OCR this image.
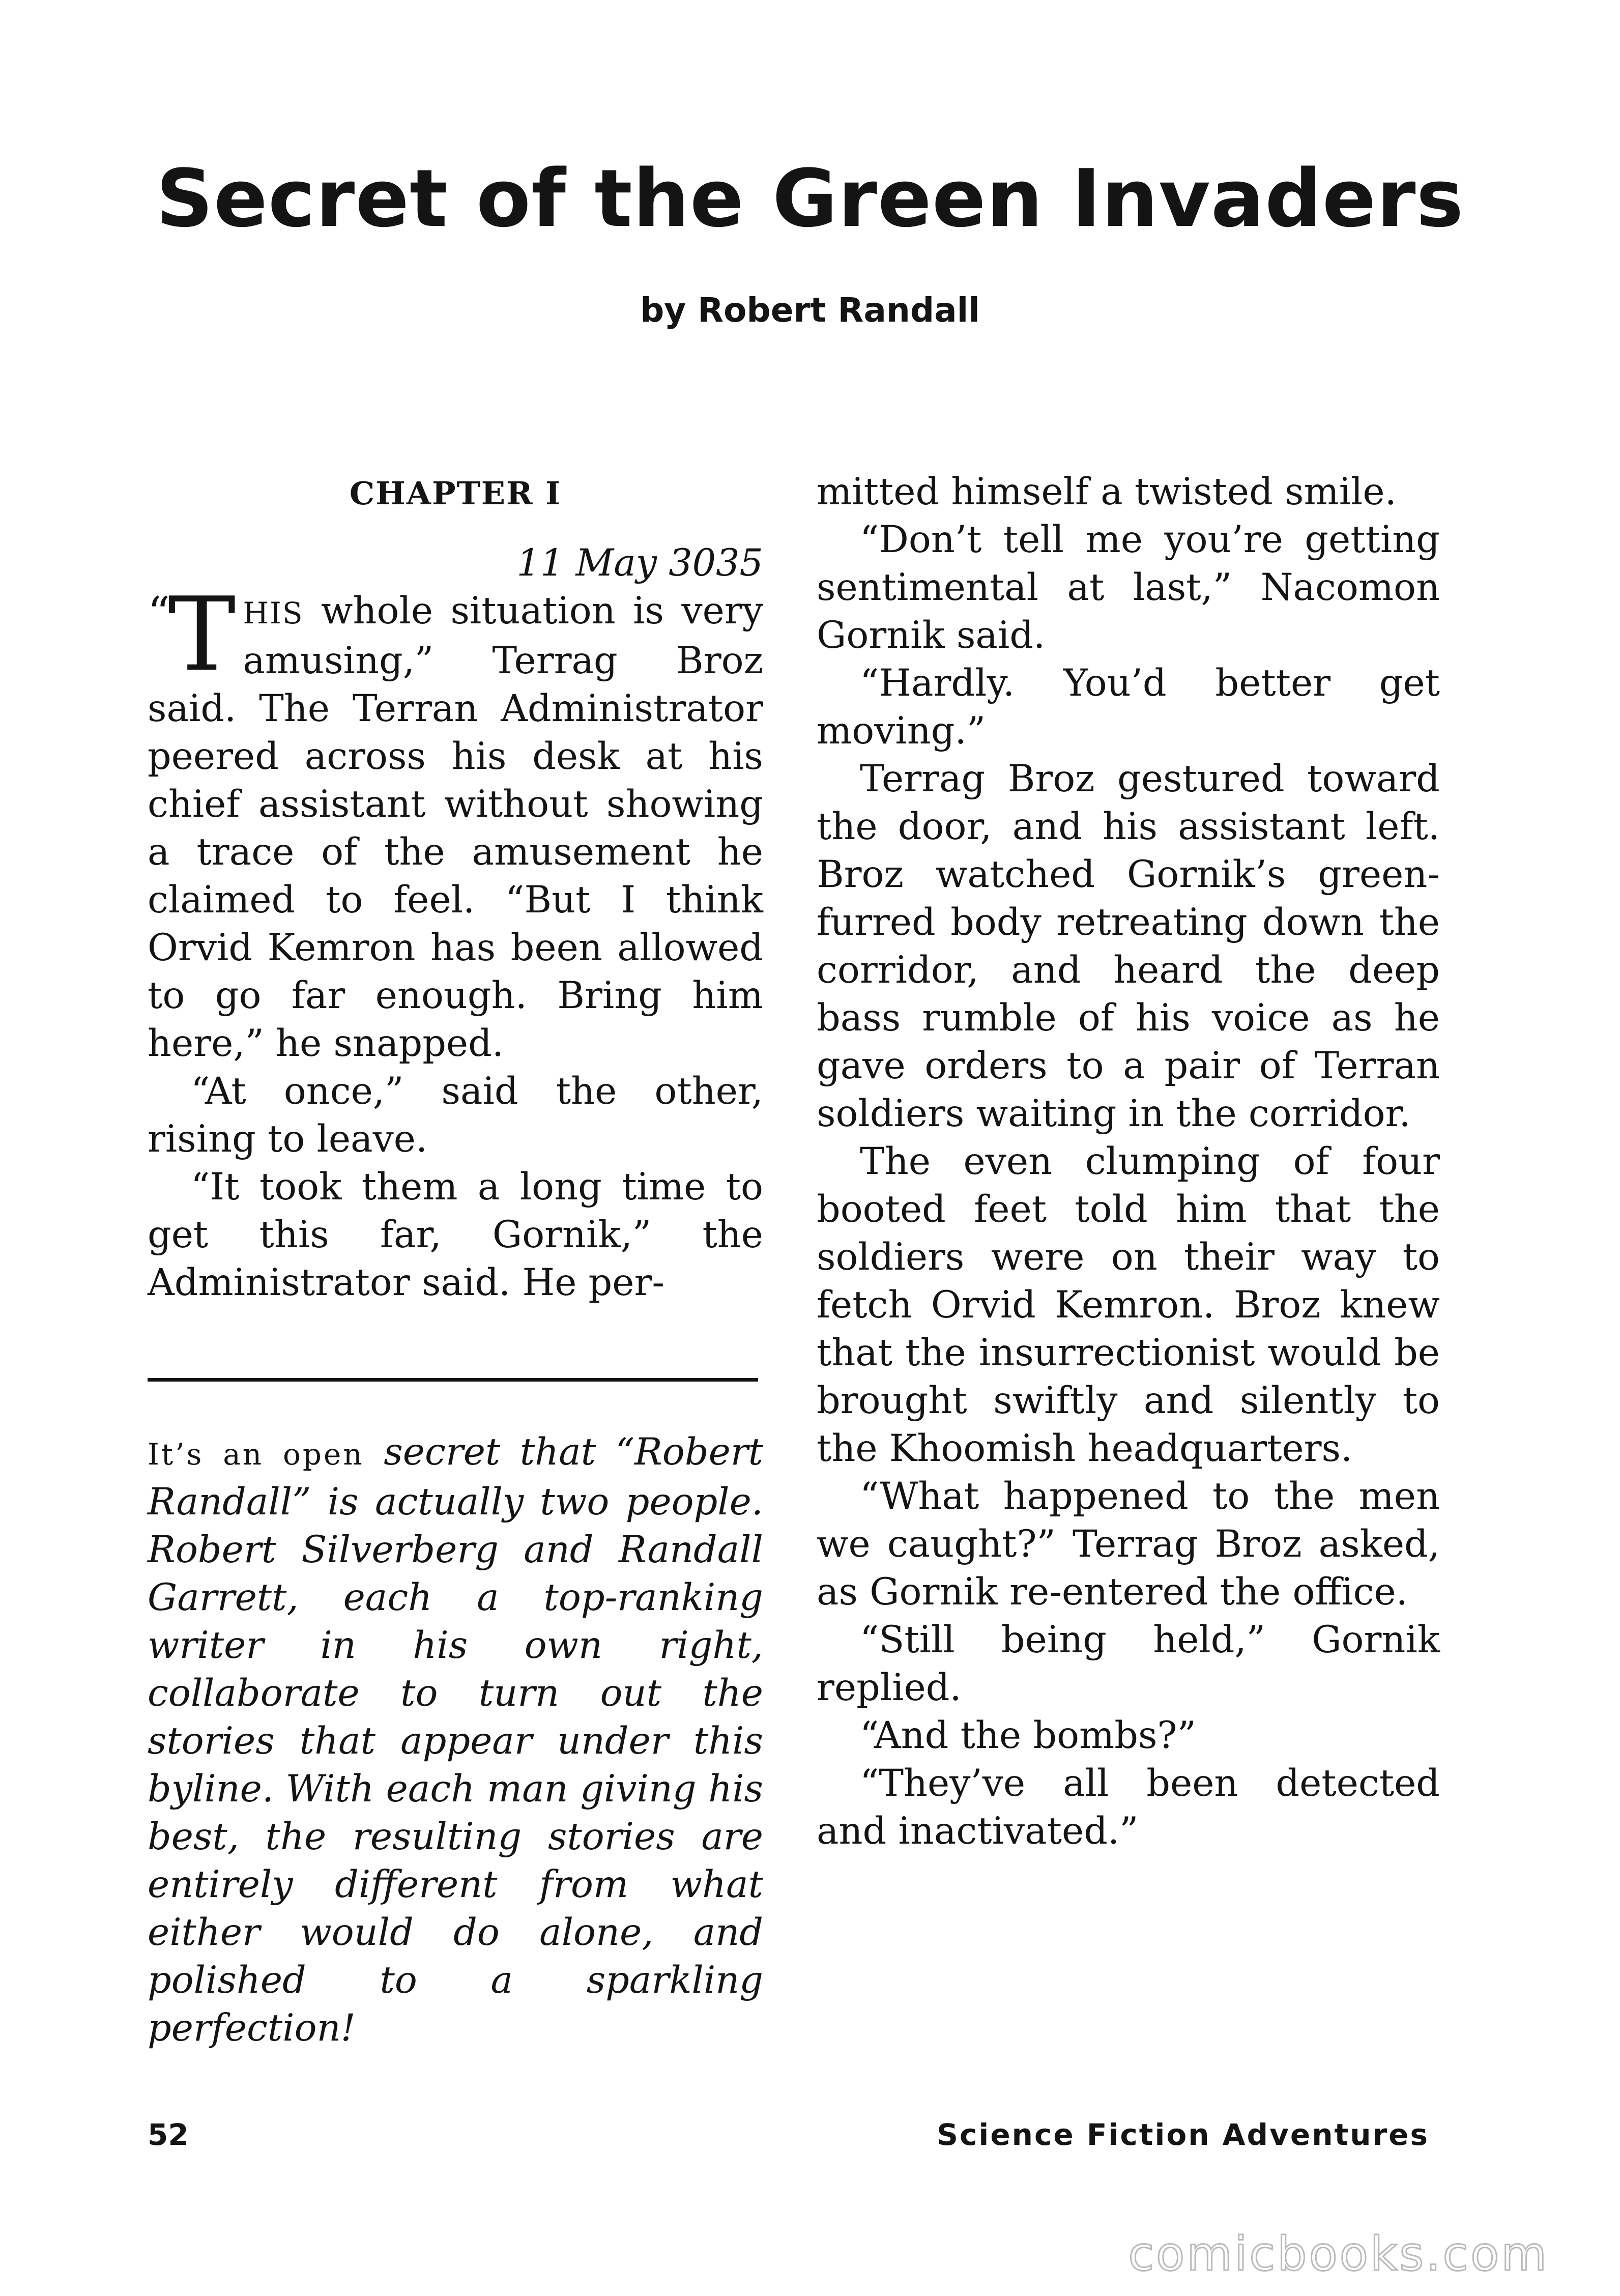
Secret of the Green Invaders
by Robert Randall
CHAPTER I
11 May 3035

“
T HIS whole situation is very amusing,” Terrag Broz said. The Terran Administrator peered across his desk at his chief assistant without showing a trace of the amusement he claimed to feel. “But I think Orvid Kemron has been allowed to go far enough. Bring him here,” he snapped.

“At once,” said the other, rising to leave.

“It took them a long time to get this far, Gornik,” the Administrator said. He per-

It’s an open secret that “Robert Randall” is actually two people. Robert Silverberg and Randall Garrett, each a top-ranking writer in his own right, collaborate to turn out the stories that appear under this byline. With each man giving his best, the resulting stories are entirely different from what either would do alone, and polished to a sparkling perfection!

mitted himself a twisted smile.

“Don’t tell me you’re getting sentimental at last,” Nacomon Gornik said.

“Hardly. You’d better get moving.”

Terrag Broz gestured toward the door, and his assistant left. Broz watched Gornik’s green-furred body retreating down the corridor, and heard the deep bass rumble of his voice as he gave orders to a pair of Terran soldiers waiting in the corridor.

The even clumping of four booted feet told him that the soldiers were on their way to fetch Orvid Kemron. Broz knew that the insurrectionist would be brought swiftly and silently to the Khoomish headquarters.

“What happened to the men we caught?” Terrag Broz asked, as Gornik re-entered the office.

“Still being held,” Gornik replied.

“And the bombs?”

“They’ve all been detected and inactivated.”

52	Science Fiction Adventures
comicbooks.com
